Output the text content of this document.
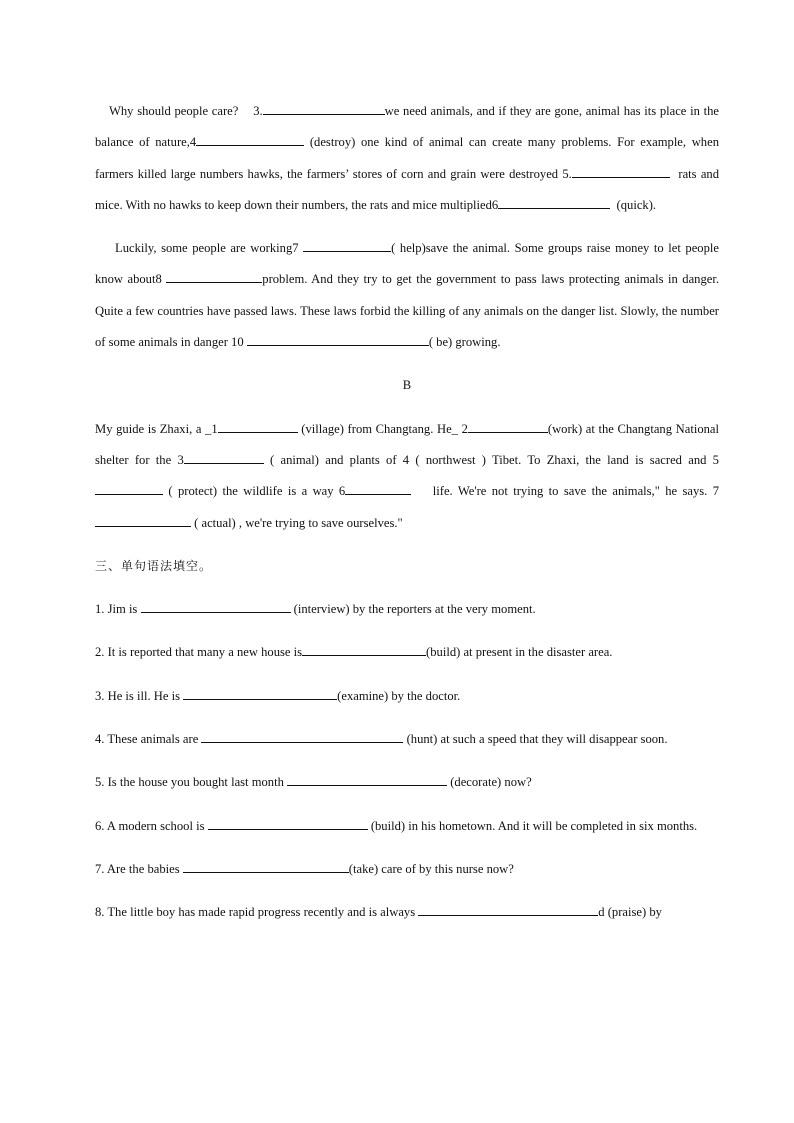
Why should people care? 3.	we need animals, and if they are gone, animal has its place in the balance of nature,4	(destroy) one kind of animal can create many problems. For example, when farmers killed large numbers hawks, the farmers’ stores of corn and grain were destroyed 5.	rats and mice. With no hawks to keep down their numbers, the rats and mice multiplied6	(quick).

Luckily, some people are working7	( help)save the animal. Some groups raise money to let people know about8	problem. And they try to get the government to pass laws protecting animals in danger. Quite a few countries have passed laws. These laws forbid the killing of any animals on the danger list. Slowly, the number of some animals in danger 10	( be) growing.

B

My guide is Zhaxi, a _1	(village) from Changtang. He_ 2	(work) at the Changtang National shelter for the 3	( animal) and plants of 4 ( northwest ) Tibet. To Zhaxi, the land is sacred and 5 ( protect) the wildlife is a way 6	life. We're not trying to save the animals," he says. 7  ( actual) , we're trying to save ourselves."

三、单句语法填空。

1. Jim is	(interview) by the reporters at the very moment.

2. It is reported that many a new house is	(build) at present in the disaster area.

3. He is ill. He is	(examine) by the doctor.

4. These animals are	(hunt) at such a speed that they will disappear soon.

5. Is the house you bought last month	(decorate) now?

6. A modern school is	(build) in his hometown. And it will be completed in six months.

7. Are the babies	(take) care of by this nurse now?

8. The little boy has made rapid progress recently and is always	d (praise) by
